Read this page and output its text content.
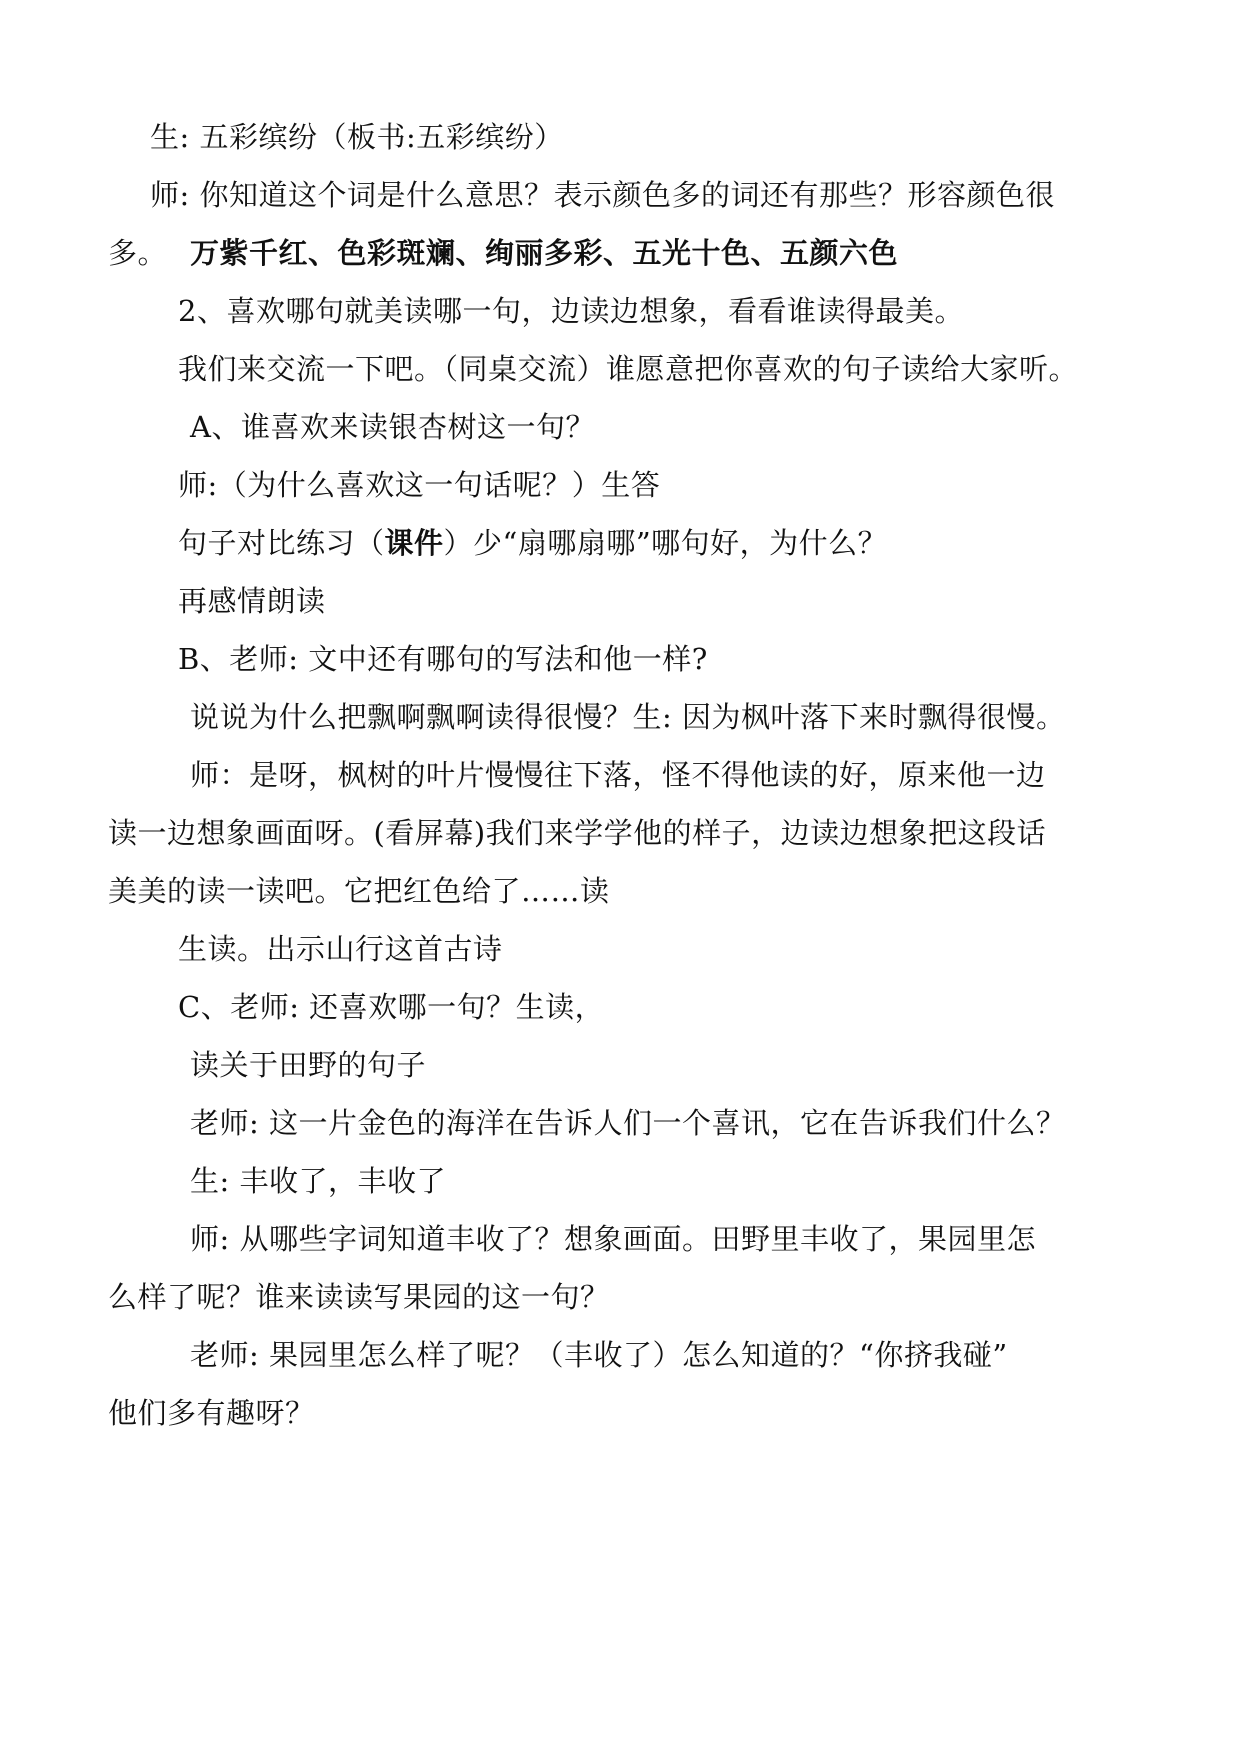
生: 五彩缤纷（板书:五彩缤纷）
师: 你知道这个词是什么意思？表示颜色多的词还有那些？形容颜色很
多。 万紫千红、色彩斑斓、绚丽多彩、五光十色、五颜六色
2、喜欢哪句就美读哪一句，边读边想象，看看谁读得最美。
我们来交流一下吧。（同桌交流）谁愿意把你喜欢的句子读给大家听。
A、谁喜欢来读银杏树这一句？
师:（为什么喜欢这一句话呢？）生答
句子对比练习（课件）少“扇哪扇哪”哪句好，为什么？
再感情朗读
B、老师: 文中还有哪句的写法和他一样?
说说为什么把飘啊飘啊读得很慢？生: 因为枫叶落下来时飘得很慢。
师：是呀，枫树的叶片慢慢往下落，怪不得他读的好，原来他一边
读一边想象画面呀。(看屏幕)我们来学学他的样子，边读边想象把这段话
美美的读一读吧。它把红色给了……读
生读。出示山行这首古诗
C、老师: 还喜欢哪一句？生读，
读关于田野的句子
老师: 这一片金色的海洋在告诉人们一个喜讯，它在告诉我们什么？
生: 丰收了，丰收了
师: 从哪些字词知道丰收了？想象画面。田野里丰收了，果园里怎
么样了呢？谁来读读写果园的这一句？
老师: 果园里怎么样了呢？（丰收了）怎么知道的？“你挤我碰”
他们多有趣呀？
